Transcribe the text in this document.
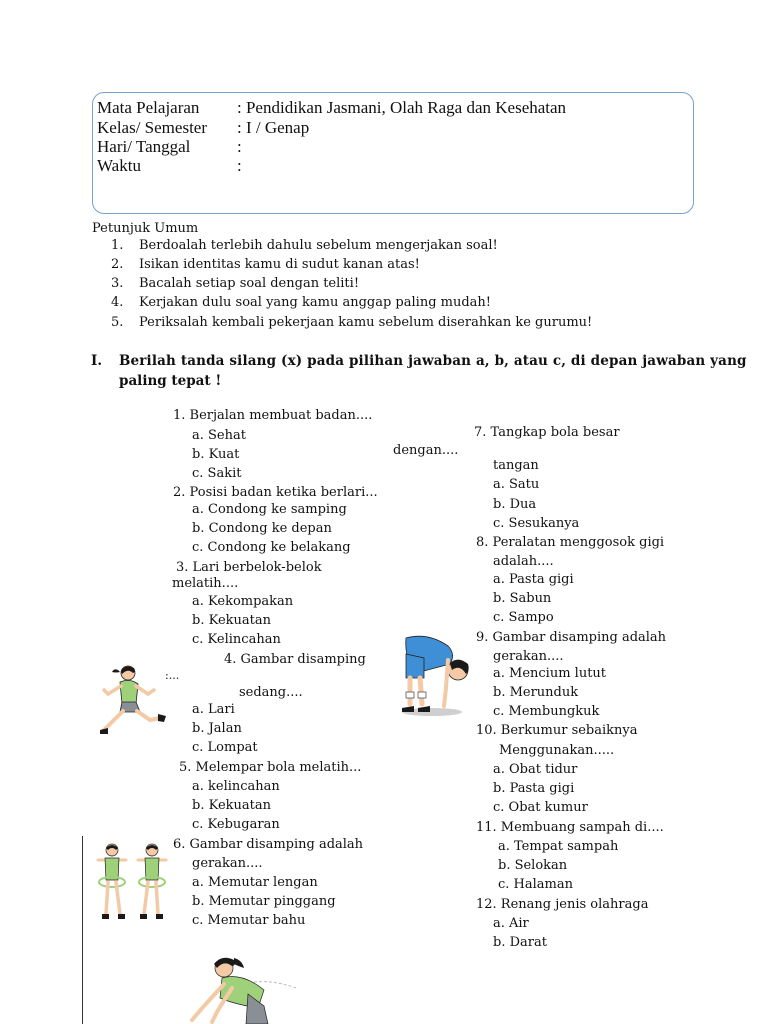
Mata Pelajaran : Pendidikan Jasmani, Olah Raga dan Kesehatan
Kelas/ Semester : I / Genap
Hari/ Tanggal	:
Waktu	:
Petunjuk Umum
1. Berdoalah terlebih dahulu sebelum mengerjakan soal!
2. Isikan identitas kamu di sudut kanan atas!
3. Bacalah setiap soal dengan teliti!
4. Kerjakan dulu soal yang kamu anggap paling mudah!
5. Periksalah kembali pekerjaan kamu sebelum diserahkan ke gurumu!
I. Berilah tanda silang (x) pada pilihan jawaban a, b, atau c, di depan jawaban yang
paling tepat !
1. Berjalan membuat badan....
a. Sehat
b. Kuat
c. Sakit
2. Posisi badan ketika berlari...
a. Condong ke samping
b. Condong ke depan
c. Condong ke belakang
3. Lari berbelok-belok
melatih....
a. Kekompakan
b. Kekuatan
c. Kelincahan
4. Gambar disamping
:...
sedang....
a. Lari
b. Jalan
c. Lompat
5. Melempar bola melatih...
a. kelincahan
b. Kekuatan
c. Kebugaran
6. Gambar disamping adalah
gerakan....
a. Memutar lengan
b. Memutar pinggang
c. Memutar bahu
7. Tangkap bola besar
dengan....
tangan
a. Satu
b. Dua
c. Sesukanya
8. Peralatan menggosok gigi
adalah....
a. Pasta gigi
b. Sabun
c. Sampo
9. Gambar disamping adalah
gerakan....
a. Mencium lutut
b. Merunduk
c. Membungkuk
10. Berkumur sebaiknya
Menggunakan.....
a. Obat tidur
b. Pasta gigi
c. Obat kumur
11. Membuang sampah di....
a. Tempat sampah
b. Selokan
c. Halaman
12. Renang jenis olahraga
a. Air
b. Darat
